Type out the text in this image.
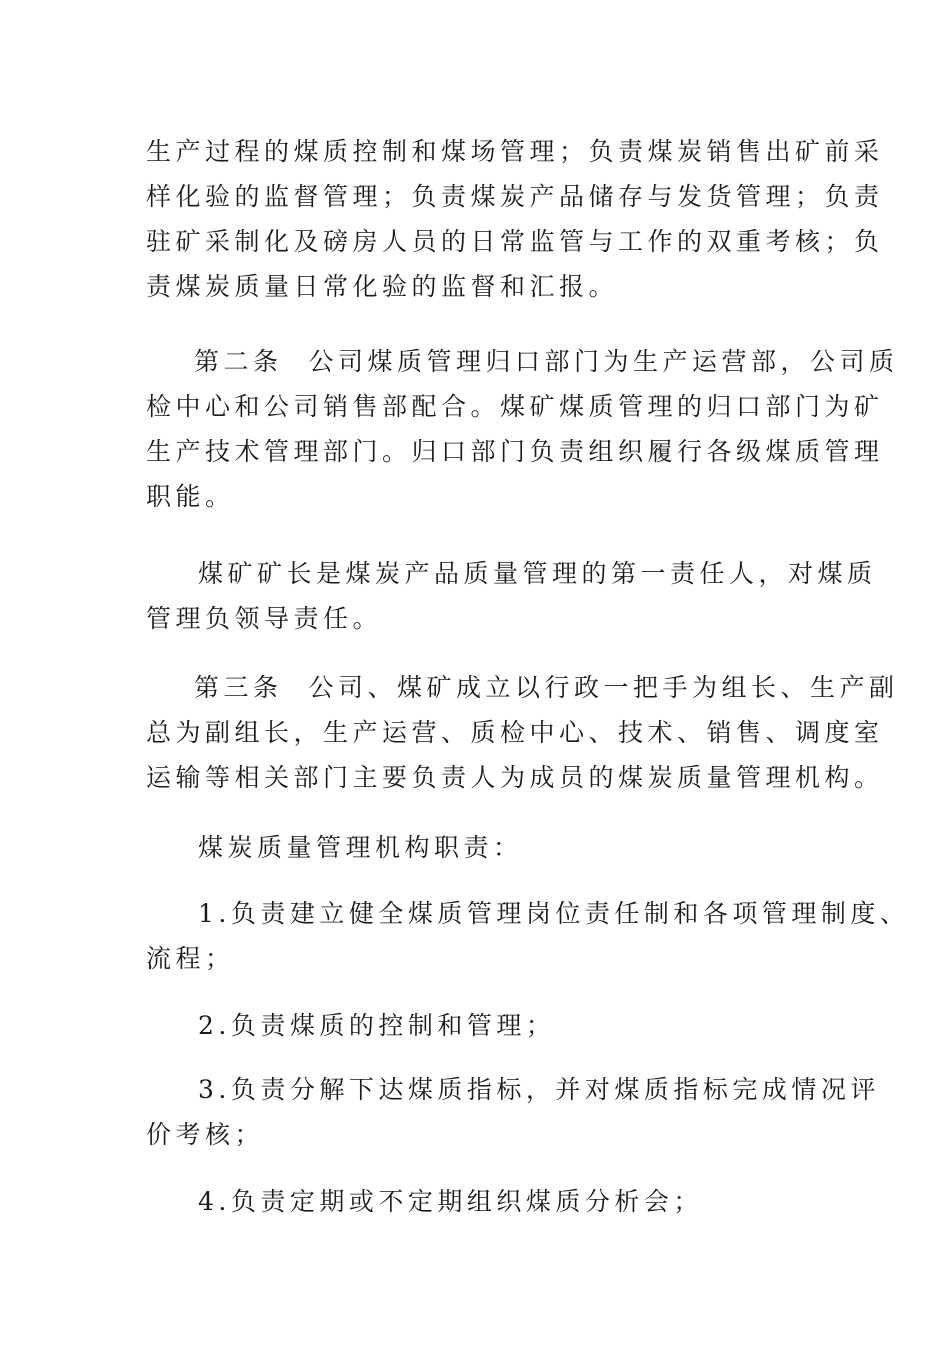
生产过程的煤质控制和煤场管理；负责煤炭销售出矿前采
样化验的监督管理；负责煤炭产品储存与发货管理；负责
驻矿采制化及磅房人员的日常监管与工作的双重考核；负
责煤炭质量日常化验的监督和汇报。
第二条 公司煤质管理归口部门为生产运营部，公司质
检中心和公司销售部配合。煤矿煤质管理的归口部门为矿
生产技术管理部门。归口部门负责组织履行各级煤质管理
职能。
煤矿矿长是煤炭产品质量管理的第一责任人，对煤质
管理负领导责任。
第三条 公司、煤矿成立以行政一把手为组长、生产副
总为副组长，生产运营、质检中心、技术、销售、调度室
运输等相关部门主要负责人为成员的煤炭质量管理机构。
煤炭质量管理机构职责：
1.负责建立健全煤质管理岗位责任制和各项管理制度、
流程；
2.负责煤质的控制和管理；
3.负责分解下达煤质指标，并对煤质指标完成情况评
价考核；
4.负责定期或不定期组织煤质分析会；
